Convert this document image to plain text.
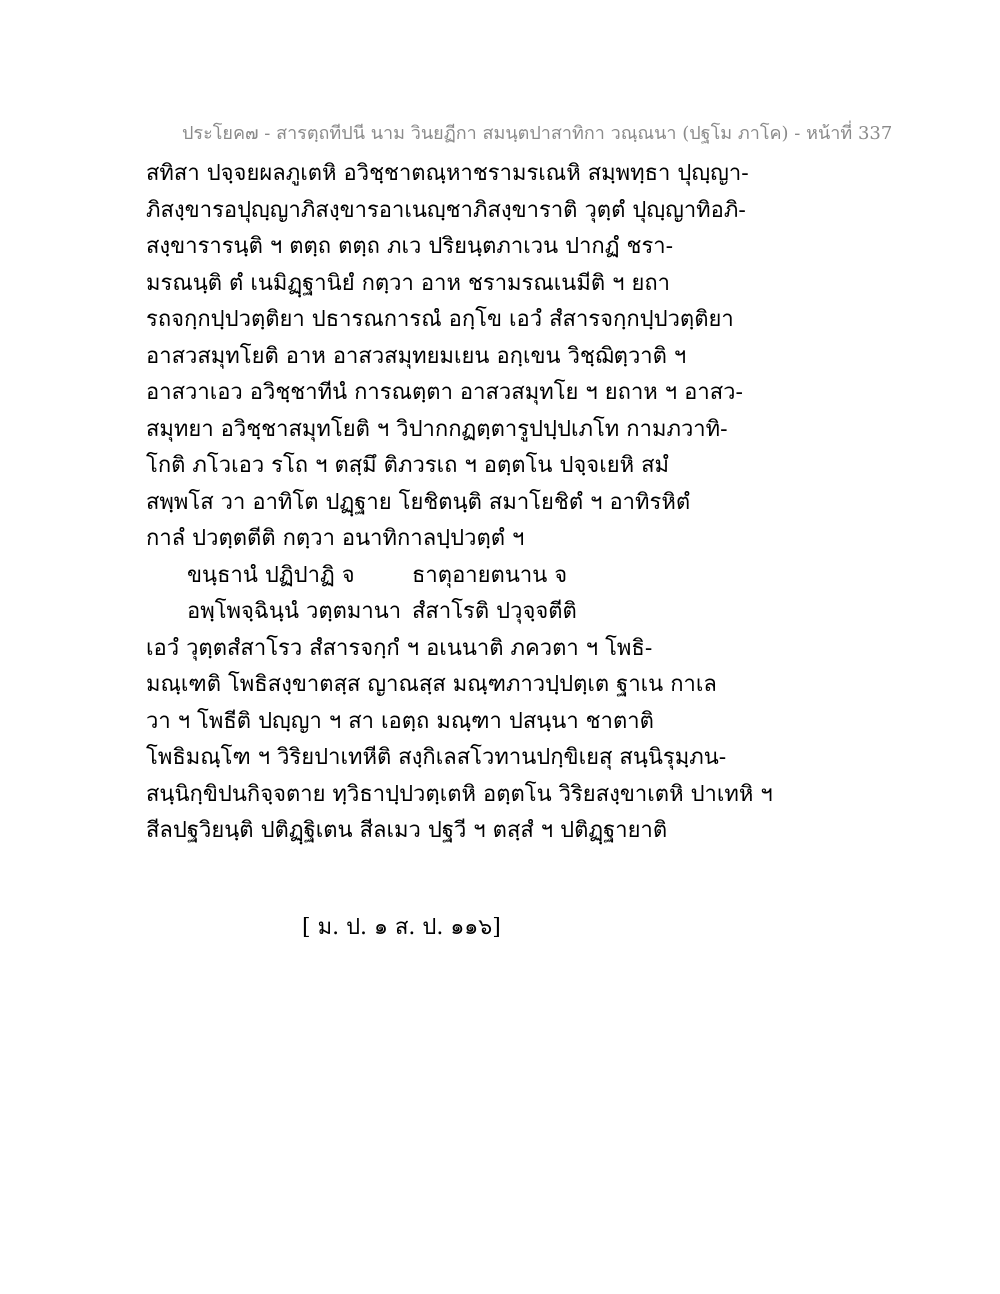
ประโยค๗ - สารตฺถทีปนี นาม วินยฏีกา สมนฺตปาสาทิกา วณฺณนา (ปฐโม ภาโค) - หน้าที่ 337
สทิสา ปจฺจยผลภูเตหิ อวิชฺชาตณฺหาชรามรเณหิ สมฺพทฺธา ปุญฺญา-
ภิสงฺขารอปุญฺญาภิสงฺขารอาเนญฺชาภิสงฺขาราติ วุตฺตํ ปุญฺญาทิอภิ-
สงฺขารารนฺติ ฯ ตตฺถ ตตฺถ ภเว ปริยนฺตภาเวน ปากฏํ ชรา-
มรณนฺติ ตํ เนมิฏฺฐานิยํ กตฺวา อาห ชรามรณเนมีติ ฯ ยถา
รถจกฺกปฺปวตฺติยา ปธารณการณํ อกฺโข เอวํ สํสารจกฺกปฺปวตฺติยา
อาสวสมุทโยติ อาห อาสวสมุทยมเยน อกฺเขน วิชฺฌิตฺวาติ ฯ
อาสวาเอว อวิชฺชาทีนํ การณตฺตา อาสวสมุทโย ฯ ยถาห ฯ อาสว-
สมุทยา อวิชฺชาสมุทโยติ ฯ วิปากกฏตฺตารูปปฺปเภโท กามภวาทิ-
โกติ ภโวเอว รโถ ฯ ตสฺมึ ติภวรเถ ฯ อตฺตโน ปจฺจเยหิ สมํ
สพฺพโส วา อาทิโต ปฏฺฐาย โยชิตนฺติ สมาโยชิตํ ฯ อาทิรหิตํ
กาลํ ปวตฺตตีติ กตฺวา อนาทิกาลปฺปวตฺตํ ฯ
ขนฺธานํ ปฏิปาฏิ จ	ธาตุอายตนาน จ
อพฺโพจฺฉินฺนํ วตฺตมานา สํสาโรติ ปวุจฺจตีติ
เอวํ วุตฺตสํสาโรว สํสารจกฺกํ ฯ อเนนาติ ภควตา ฯ โพธิ-
มณฺเฑติ โพธิสงฺขาตสฺส ญาณสฺส มณฺฑภาวปฺปตฺเต ฐาเน กาเล
วา ฯ โพธีติ ปญฺญา ฯ สา เอตฺถ มณฺฑา ปสนฺนา ชาตาติ
โพธิมณฺโฑ ฯ วิริยปาเทหีติ สงฺกิเลสโวทานปกฺขิเยสุ สนฺนิรุมฺภน-
สนฺนิกฺขิปนกิจฺจตาย ทฺวิธาปฺปวตฺเตหิ อตฺตโน วิริยสงฺขาเตหิ ปาเทหิ ฯ
สีลปฐวิยนฺติ ปติฏฺฐิเตน สีลเมว ปฐวี ฯ ตสฺสํ ฯ ปติฏฺฐายาติ
[ ม. ป. ๑ ส. ป. ๑๑๖]
